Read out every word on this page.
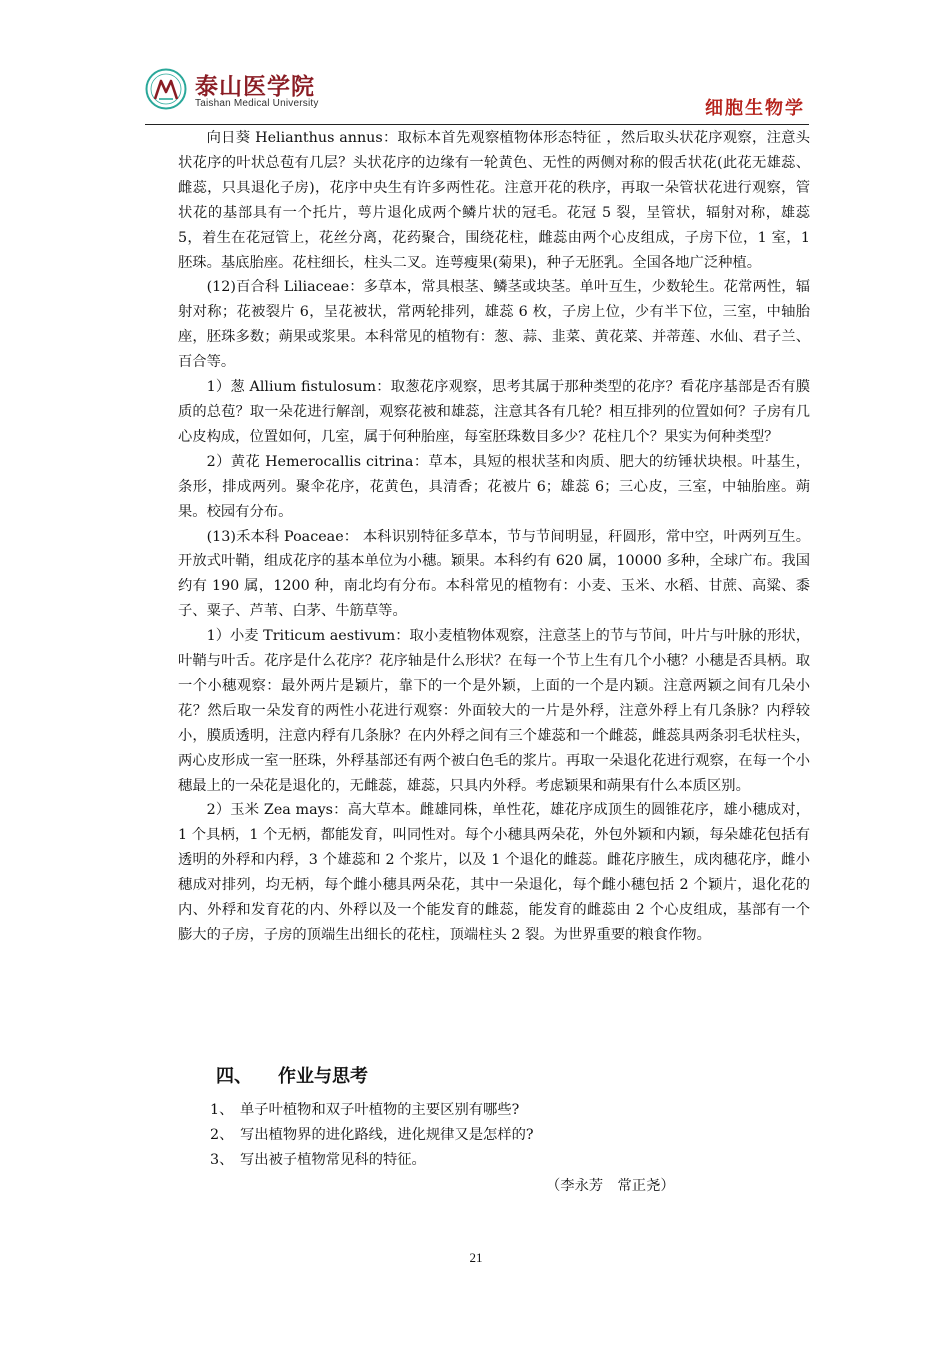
泰山医学院
Taishan Medical University	细胞生物学

向日葵 Helianthus annus：取标本首先观察植物体形态特征 ，然后取头状花序观察，注意头状花序的叶状总苞有几层？头状花序的边缘有一轮黄色、无性的两侧对称的假舌状花(此花无雄蕊、雌蕊，只具退化子房)，花序中央生有许多两性花。注意开花的秩序，再取一朵管状花进行观察，管状花的基部具有一个托片，萼片退化成两个鳞片状的冠毛。花冠 5 裂，呈管状，辐射对称，雄蕊 5，着生在花冠管上，花丝分离，花药聚合，围绕花柱，雌蕊由两个心皮组成，子房下位，1 室，1 胚珠。基底胎座。花柱细长，柱头二叉。连萼瘦果(菊果)，种子无胚乳。全国各地广泛种植。

(12)百合科 Liliaceae：多草本，常具根茎、鳞茎或块茎。单叶互生，少数轮生。花常两性，辐射对称；花被裂片 6，呈花被状，常两轮排列，雄蕊 6 枚，子房上位，少有半下位，三室，中轴胎座，胚珠多数；蒴果或浆果。本科常见的植物有：葱、蒜、韭菜、黄花菜、并蒂莲、水仙、君子兰、百合等。

1）葱 Allium fistulosum：取葱花序观察，思考其属于那种类型的花序？看花序基部是否有膜质的总苞？取一朵花进行解剖，观察花被和雄蕊，注意其各有几轮？相互排列的位置如何？子房有几心皮构成，位置如何，几室，属于何种胎座，每室胚珠数目多少？花柱几个？果实为何种类型？

2）黄花 Hemerocallis citrina：草本，具短的根状茎和肉质、肥大的纺锤状块根。叶基生，条形，排成两列。聚伞花序，花黄色，具清香；花被片 6；雄蕊 6；三心皮，三室，中轴胎座。蒴果。校园有分布。

(13)禾本科 Poaceae： 本科识别特征多草本，节与节间明显，秆圆形，常中空，叶两列互生。开放式叶鞘，组成花序的基本单位为小穗。颖果。本科约有 620 属，10000 多种，全球广布。我国约有 190 属，1200 种，南北均有分布。本科常见的植物有：小麦、玉米、水稻、甘蔗、高粱、黍子、粟子、芦苇、白茅、牛筋草等。

1）小麦 Triticum aestivum：取小麦植物体观察，注意茎上的节与节间，叶片与叶脉的形状，叶鞘与叶舌。花序是什么花序？花序轴是什么形状？在每一个节上生有几个小穗？小穗是否具柄。取一个小穗观察：最外两片是颖片，靠下的一个是外颖，上面的一个是内颖。注意两颖之间有几朵小花？然后取一朵发育的两性小花进行观察：外面较大的一片是外稃，注意外稃上有几条脉？内稃较小，膜质透明，注意内稃有几条脉？在内外稃之间有三个雄蕊和一个雌蕊，雌蕊具两条羽毛状柱头，两心皮形成一室一胚珠，外稃基部还有两个被白色毛的浆片。再取一朵退化花进行观察，在每一个小穗最上的一朵花是退化的，无雌蕊，雄蕊，只具内外稃。考虑颖果和蒴果有什么本质区别。

2）玉米 Zea mays：高大草本。雌雄同株，单性花，雄花序成顶生的圆锥花序，雄小穗成对，1 个具柄，1 个无柄，都能发育，叫同性对。每个小穗具两朵花，外包外颖和内颖，每朵雄花包括有透明的外稃和内稃，3 个雄蕊和 2 个浆片，以及 1 个退化的雌蕊。雌花序腋生，成肉穗花序，雌小穗成对排列，均无柄，每个雌小穗具两朵花，其中一朵退化，每个雌小穗包括 2 个颖片，退化花的内、外稃和发育花的内、外稃以及一个能发育的雌蕊，能发育的雌蕊由 2 个心皮组成，基部有一个膨大的子房，子房的顶端生出细长的花柱，顶端柱头 2 裂。为世界重要的粮食作物。

四、 作业与思考
1、 单子叶植物和双子叶植物的主要区别有哪些?
2、 写出植物界的进化路线，进化规律又是怎样的?
3、 写出被子植物常见科的特征。
（李永芳　常正尧）
21
